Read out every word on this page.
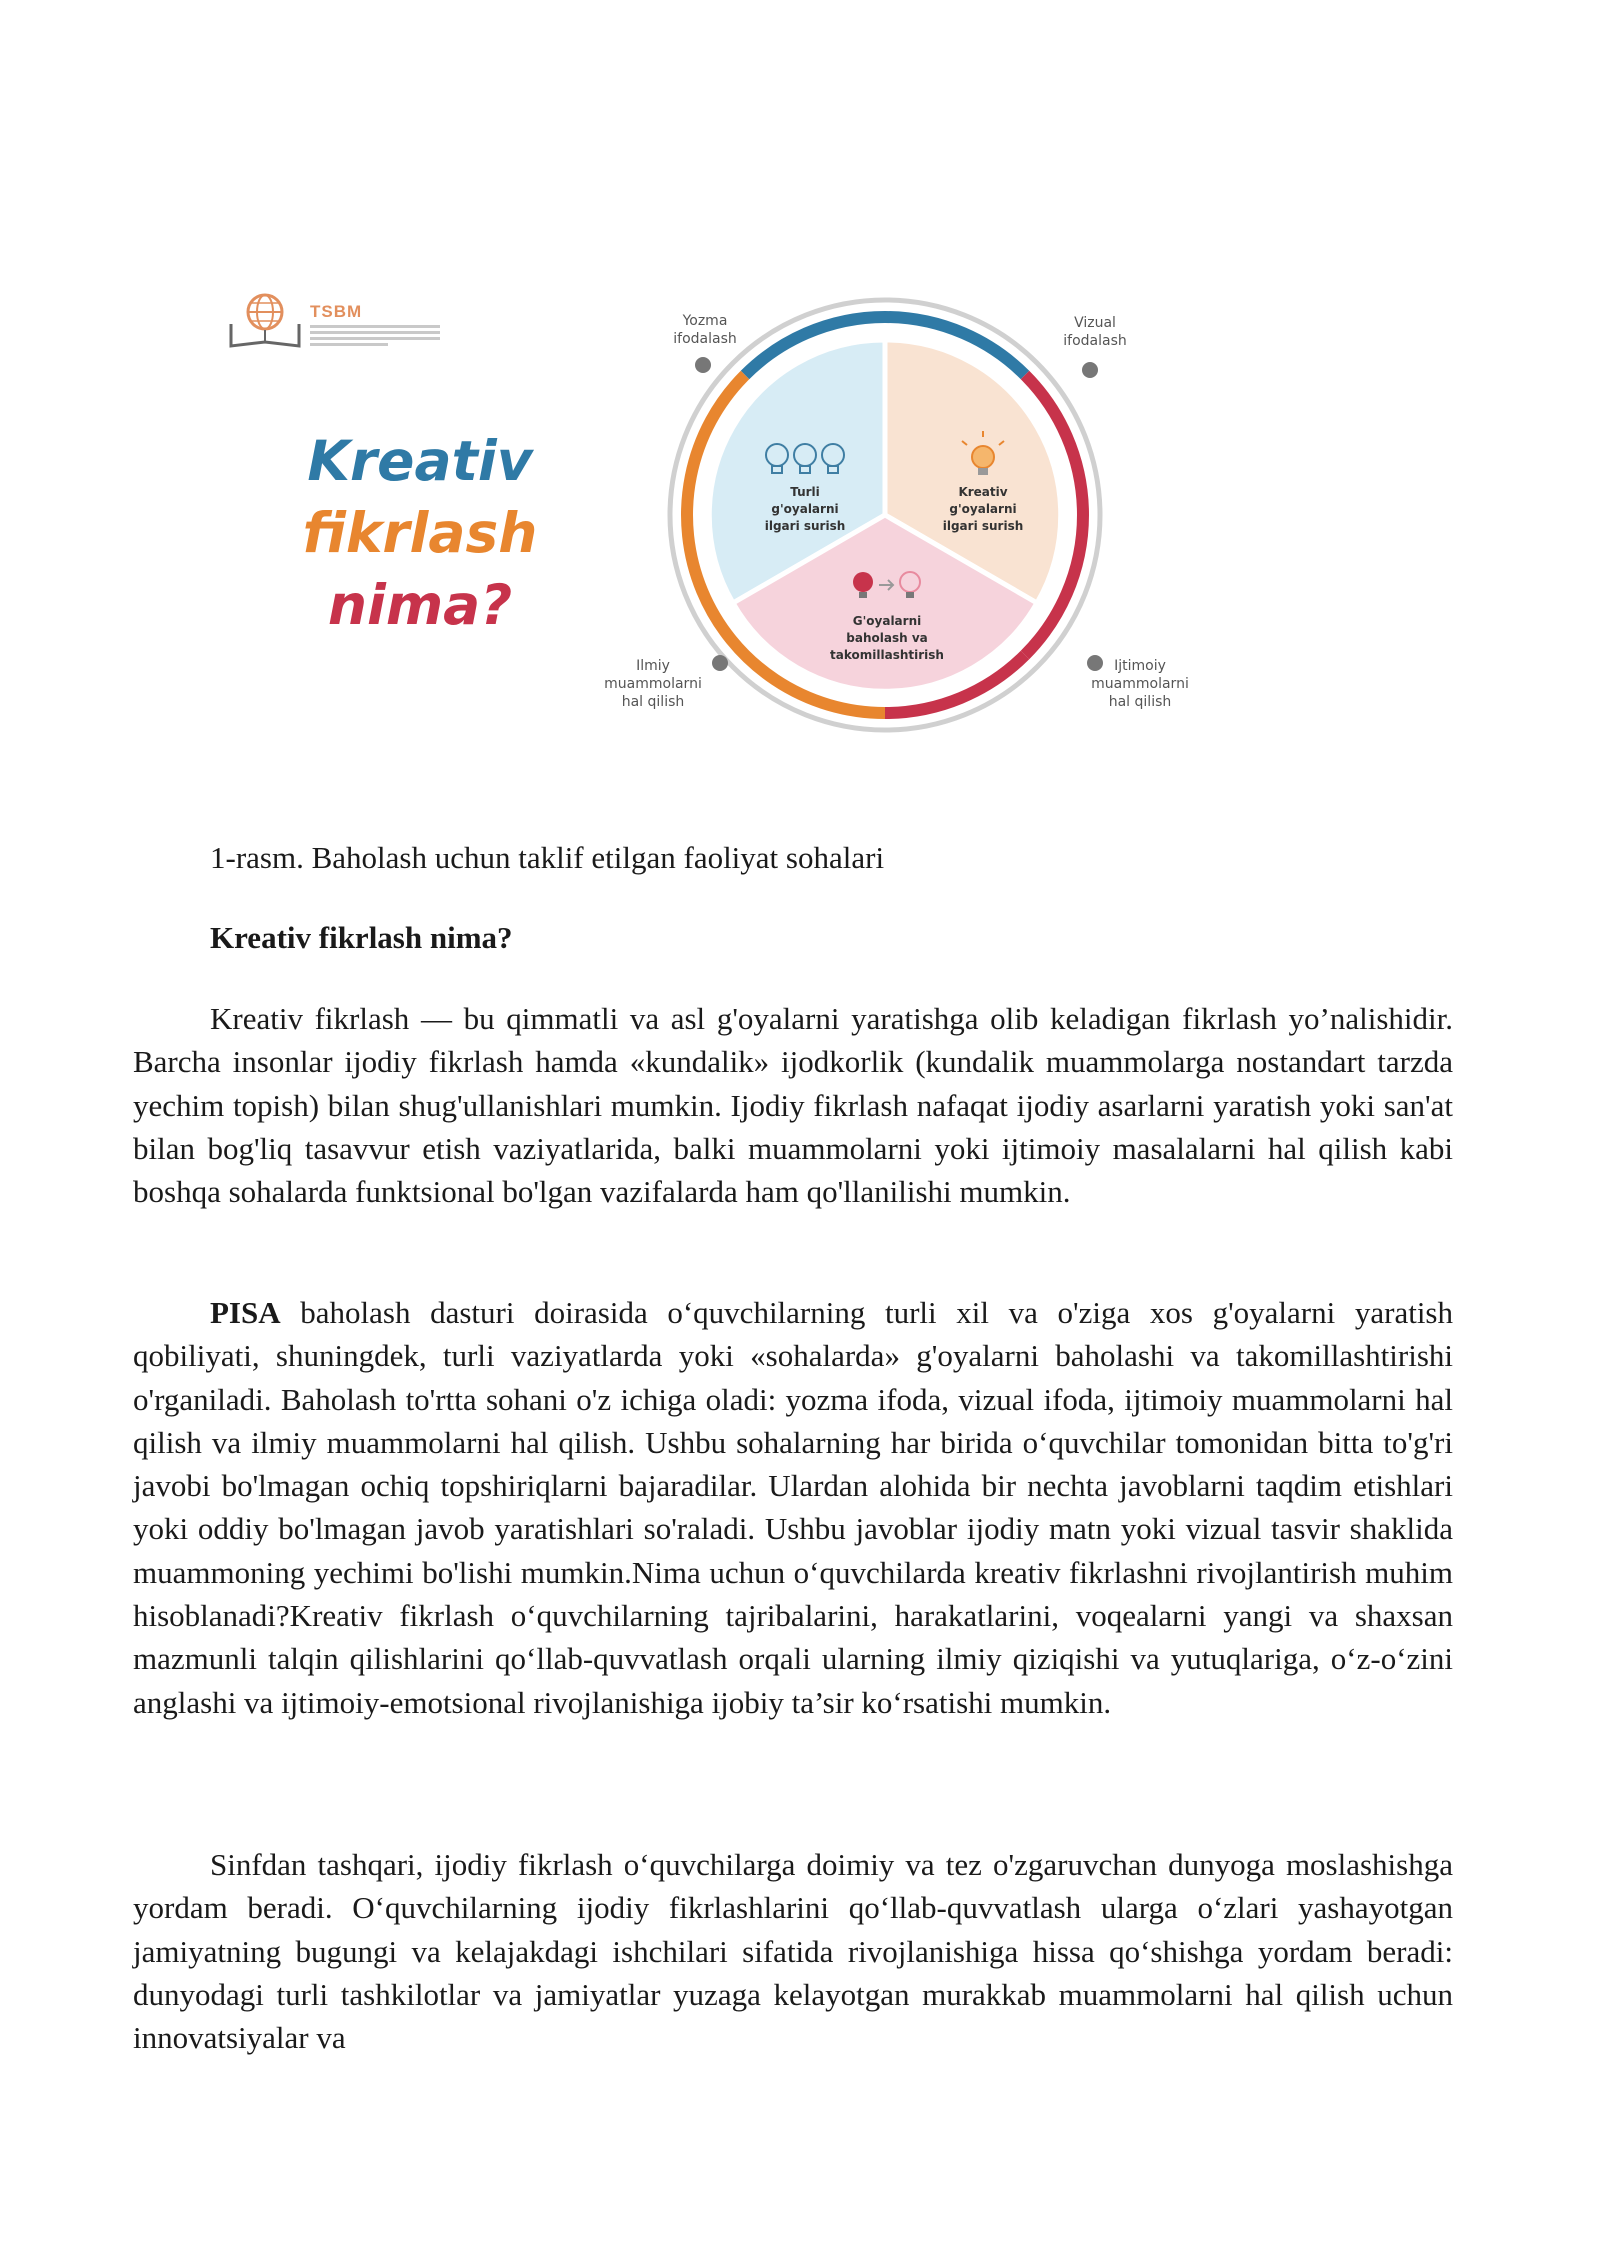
TSBM
Kreativ
fikrlash
nima?
Yozma
ifodalash
Vizual
ifodalash
Ilmiy
muammolarni
hal qilish
Ijtimoiy
muammolarni
hal qilish
Turli
g'oyalarni
ilgari surish
Kreativ
g'oyalarni
ilgari surish
G'oyalarni
baholash va
takomillashtirish
1-rasm. Baholash uchun taklif etilgan faoliyat sohalari
Kreativ fikrlash nima?

Kreativ fikrlash — bu qimmatli va asl g'oyalarni yaratishga olib keladigan fikrlash yo’nalishidir. Barcha insonlar ijodiy fikrlash hamda «kundalik» ijodkorlik (kundalik muammolarga nostandart tarzda yechim topish) bilan shug'ullanishlari mumkin. Ijodiy fikrlash nafaqat ijodiy asarlarni yaratish yoki san'at bilan bog'liq tasavvur etish vaziyatlarida, balki muammolarni yoki ijtimoiy masalalarni hal qilish kabi boshqa sohalarda funktsional bo'lgan vazifalarda ham qo'llanilishi mumkin.

PISA baholash dasturi doirasida o‘quvchilarning turli xil va o'ziga xos g'oyalarni yaratish qobiliyati, shuningdek, turli vaziyatlarda yoki «sohalarda» g'oyalarni baholashi va takomillashtirishi o'rganiladi. Baholash to'rtta sohani o'z ichiga oladi: yozma ifoda, vizual ifoda, ijtimoiy muammolarni hal qilish va ilmiy muammolarni hal qilish. Ushbu sohalarning har birida o‘quvchilar tomonidan bitta to'g'ri javobi bo'lmagan ochiq topshiriqlarni bajaradilar. Ulardan alohida bir nechta javoblarni taqdim etishlari yoki oddiy bo'lmagan javob yaratishlari so'raladi. Ushbu javoblar ijodiy matn yoki vizual tasvir shaklida muammoning yechimi bo'lishi mumkin.Nima uchun o‘quvchilarda kreativ fikrlashni rivojlantirish muhim hisoblanadi?Kreativ fikrlash o‘quvchilarning tajribalarini, harakatlarini, voqealarni yangi va shaxsan mazmunli talqin qilishlarini qo‘llab-quvvatlash orqali ularning ilmiy qiziqishi va yutuqlariga, o‘z-o‘zini anglashi va ijtimoiy-emotsional rivojlanishiga ijobiy ta’sir ko‘rsatishi mumkin.

Sinfdan tashqari, ijodiy fikrlash o‘quvchilarga doimiy va tez o'zgaruvchan dunyoga moslashishga yordam beradi. O‘quvchilarning ijodiy fikrlashlarini qo‘llab-quvvatlash ularga o‘zlari yashayotgan jamiyatning bugungi va kelajakdagi ishchilari sifatida rivojlanishiga hissa qo‘shishga yordam beradi: dunyodagi turli tashkilotlar va jamiyatlar yuzaga kelayotgan murakkab muammolarni hal qilish uchun innovatsiyalar va
